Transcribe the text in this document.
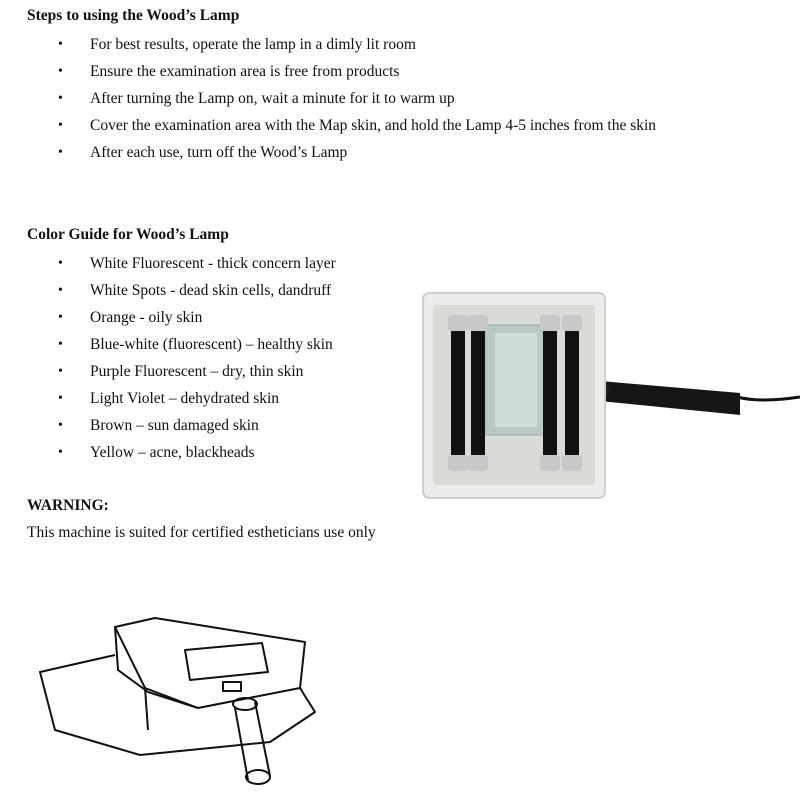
Steps to using the Wood’s Lamp
• For best results, operate the lamp in a dimly lit room
• Ensure the examination area is free from products
• After turning the Lamp on, wait a minute for it to warm up
• Cover the examination area with the Map skin, and hold the Lamp 4-5 inches from the skin
• After each use, turn off the Wood’s Lamp
Color Guide for Wood’s Lamp
• White Fluorescent - thick concern layer
• White Spots - dead skin cells, dandruff
• Orange - oily skin
• Blue-white (fluorescent) – healthy skin
• Purple Fluorescent – dry, thin skin
• Light Violet – dehydrated skin
• Brown – sun damaged skin
• Yellow – acne, blackheads
WARNING:

This machine is suited for certified estheticians use only
